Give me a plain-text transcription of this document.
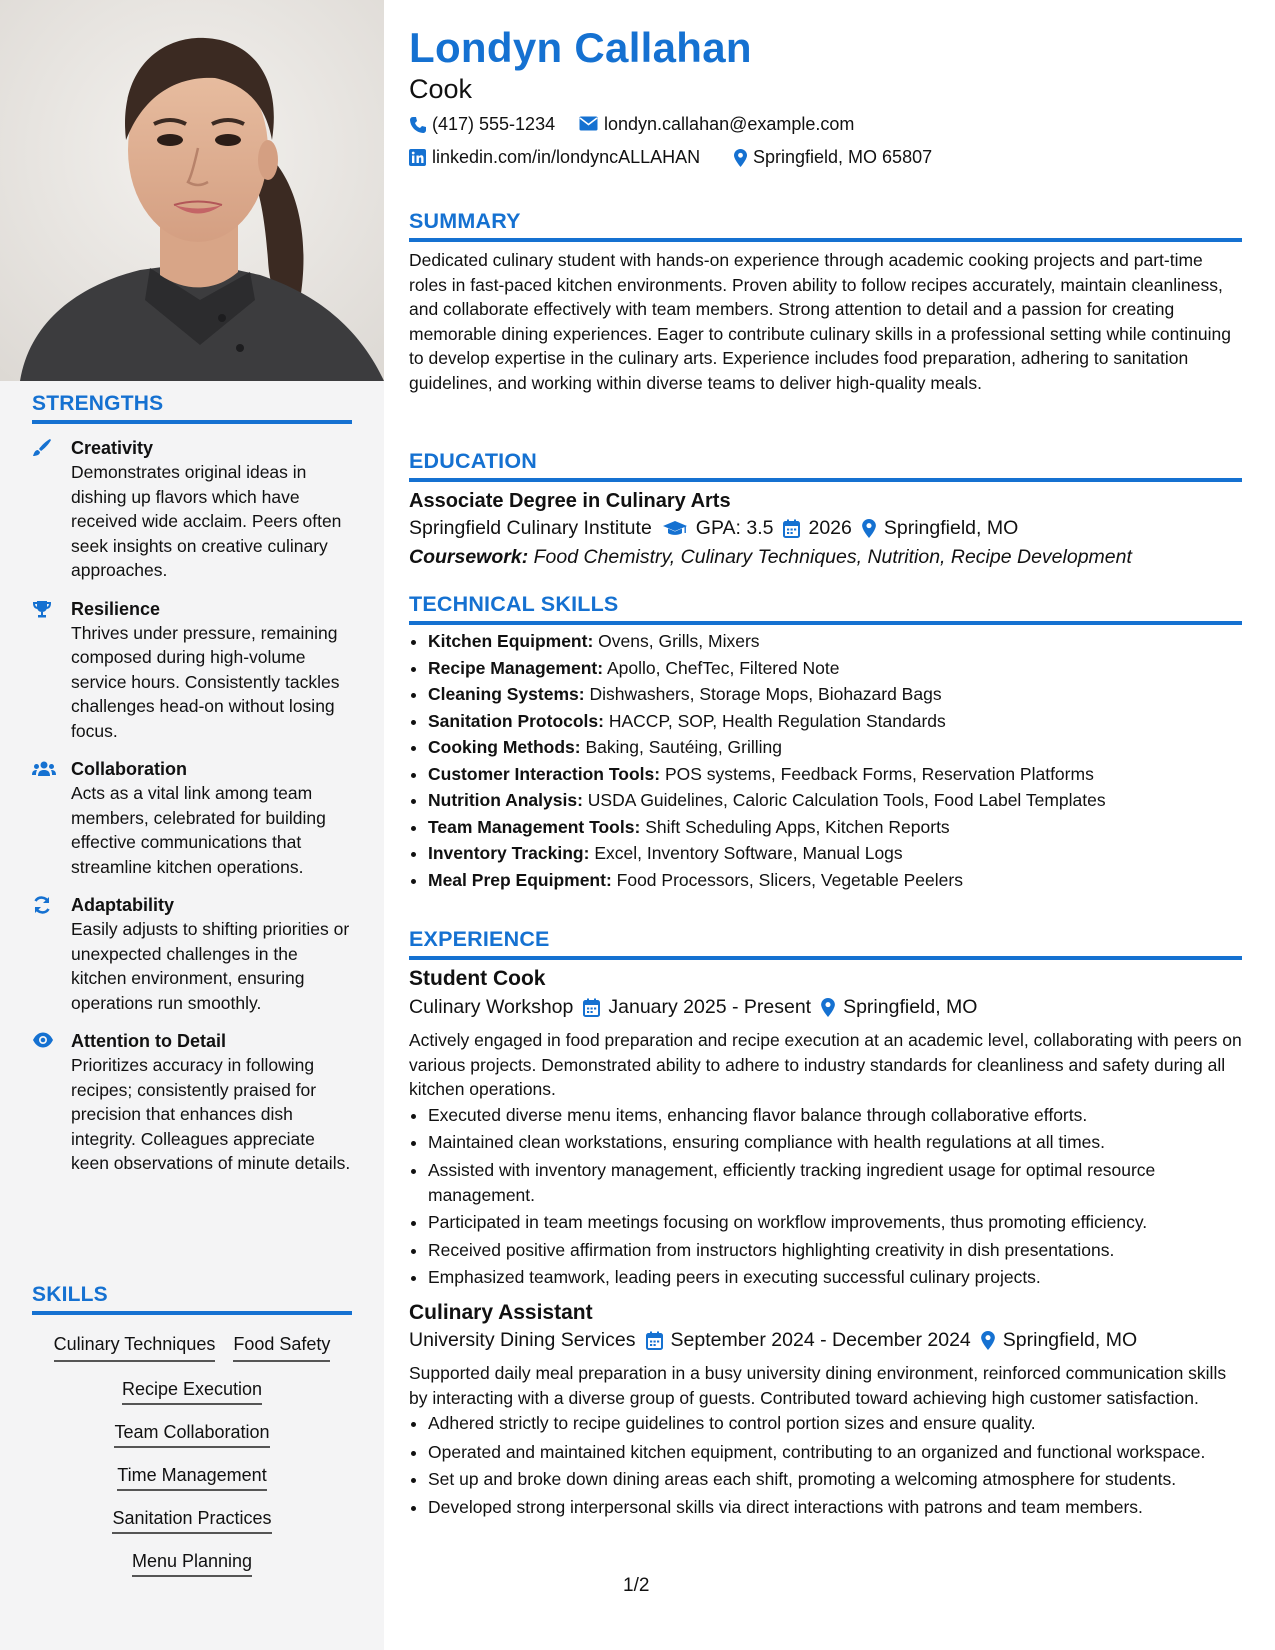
STRENGTHS
Creativity
Demonstrates original ideas in dishing up flavors which have received wide acclaim. Peers often seek insights on creative culinary approaches.
Resilience
Thrives under pressure, remaining composed during high-volume service hours. Consistently tackles challenges head-on without losing focus.
Collaboration
Acts as a vital link among team members, celebrated for building effective communications that streamline kitchen operations.
Adaptability
Easily adjusts to shifting priorities or unexpected challenges in the kitchen environment, ensuring operations run smoothly.
Attention to Detail
Prioritizes accuracy in following recipes; consistently praised for precision that enhances dish integrity. Colleagues appreciate keen observations of minute details.
SKILLS
Culinary Techniques Food Safety
Recipe Execution
Team Collaboration
Time Management
Sanitation Practices
Menu Planning
Londyn Callahan
Cook
(417) 555-1234	londyn.callahan@example.com
linkedin.com/in/londyncALLAHAN	Springfield, MO 65807
SUMMARY
Dedicated culinary student with hands-on experience through academic cooking projects and part-time roles in fast-paced kitchen environments. Proven ability to follow recipes accurately, maintain cleanliness, and collaborate effectively with team members. Strong attention to detail and a passion for creating memorable dining experiences. Eager to contribute culinary skills in a professional setting while continuing to develop expertise in the culinary arts. Experience includes food preparation, adhering to sanitation guidelines, and working within diverse teams to deliver high-quality meals.
EDUCATION
Associate Degree in Culinary Arts
Springfield Culinary Institute GPA: 3.5 2026 Springfield, MO
Coursework: Food Chemistry, Culinary Techniques, Nutrition, Recipe Development
TECHNICAL SKILLS
• Kitchen Equipment: Ovens, Grills, Mixers
• Recipe Management: Apollo, ChefTec, Filtered Note
• Cleaning Systems: Dishwashers, Storage Mops, Biohazard Bags
• Sanitation Protocols: HACCP, SOP, Health Regulation Standards
• Cooking Methods: Baking, Sautéing, Grilling
• Customer Interaction Tools: POS systems, Feedback Forms, Reservation Platforms
• Nutrition Analysis: USDA Guidelines, Caloric Calculation Tools, Food Label Templates
• Team Management Tools: Shift Scheduling Apps, Kitchen Reports
• Inventory Tracking: Excel, Inventory Software, Manual Logs
• Meal Prep Equipment: Food Processors, Slicers, Vegetable Peelers
EXPERIENCE
Student Cook
Culinary Workshop January 2025 - Present Springfield, MO
Actively engaged in food preparation and recipe execution at an academic level, collaborating with peers on various projects. Demonstrated ability to adhere to industry standards for cleanliness and safety during all kitchen operations.
• Executed diverse menu items, enhancing flavor balance through collaborative efforts.
• Maintained clean workstations, ensuring compliance with health regulations at all times.
• Assisted with inventory management, efficiently tracking ingredient usage for optimal resource management.
• Participated in team meetings focusing on workflow improvements, thus promoting efficiency.
• Received positive affirmation from instructors highlighting creativity in dish presentations.
• Emphasized teamwork, leading peers in executing successful culinary projects.
Culinary Assistant
University Dining Services September 2024 - December 2024 Springfield, MO
Supported daily meal preparation in a busy university dining environment, reinforced communication skills by interacting with a diverse group of guests. Contributed toward achieving high customer satisfaction.
• Adhered strictly to recipe guidelines to control portion sizes and ensure quality.
• Operated and maintained kitchen equipment, contributing to an organized and functional workspace.
• Set up and broke down dining areas each shift, promoting a welcoming atmosphere for students.
• Developed strong interpersonal skills via direct interactions with patrons and team members.
1/2
